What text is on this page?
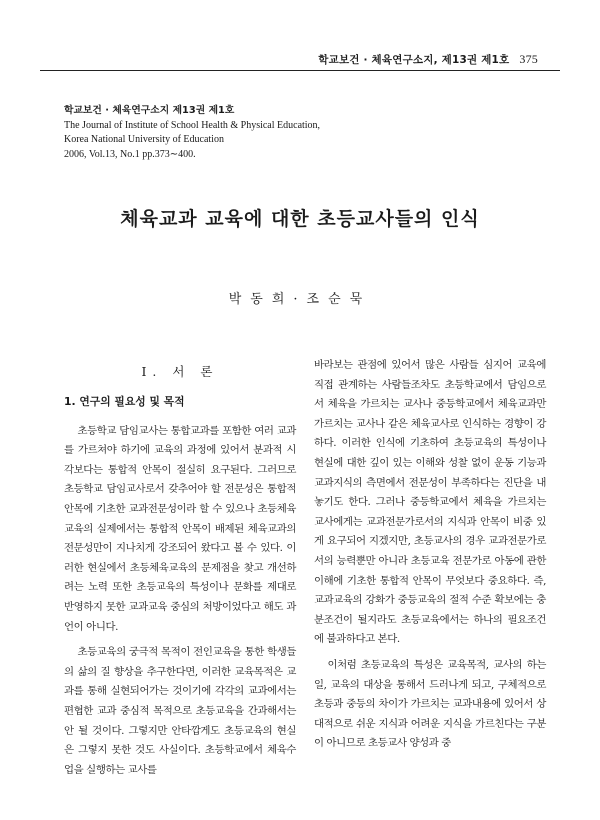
학교보건 · 체육연구소지, 제13권 제1호 375
학교보건 · 체육연구소지 제13권 제1호
The Journal of Institute of School Health & Physical Education,
Korea National University of Education
2006, Vol.13, No.1 pp.373∼400.
체육교과 교육에 대한 초등교사들의 인식
박동희·조순묵
Ⅰ. 서 론
1. 연구의 필요성 및 목적

초등학교 담임교사는 통합교과를 포함한 여러 교과를 가르쳐야 하기에 교육의 과정에 있어서 분과적 시각보다는 통합적 안목이 절실히 요구된다. 그러므로 초등학교 담임교사로서 갖추어야 할 전문성은 통합적 안목에 기초한 교과전문성이라 할 수 있으나 초등체육교육의 실제에서는 통합적 안목이 배제된 체육교과의 전문성만이 지나치게 강조되어 왔다고 볼 수 있다. 이러한 현실에서 초등체육교육의 문제점을 찾고 개선하려는 노력 또한 초등교육의 특성이나 문화를 제대로 반영하지 못한 교과교육 중심의 처방이었다고 해도 과언이 아니다.

초등교육의 궁극적 목적이 전인교육을 통한 학생들의 삶의 질 향상을 추구한다면, 이러한 교육목적은 교과를 통해 실현되어가는 것이기에 각각의 교과에서는 편협한 교과 중심적 목적으로 초등교육을 간과해서는 안 될 것이다. 그렇지만 안타깝게도 초등교육의 현실은 그렇지 못한 것도 사실이다. 초등학교에서 체육수업을 실행하는 교사를

바라보는 관점에 있어서 많은 사람들 심지어 교육에 직접 관계하는 사람들조차도 초등학교에서 담임으로서 체육을 가르치는 교사나 중등학교에서 체육교과만 가르치는 교사나 같은 체육교사로 인식하는 경향이 강하다. 이러한 인식에 기초하여 초등교육의 특성이나 현실에 대한 깊이 있는 이해와 성찰 없이 운동 기능과 교과지식의 측면에서 전문성이 부족하다는 진단을 내놓기도 한다. 그러나 중등학교에서 체육을 가르치는 교사에게는 교과전문가로서의 지식과 안목이 비중 있게 요구되어 지겠지만, 초등교사의 경우 교과전문가로서의 능력뿐만 아니라 초등교육 전문가로 아동에 관한 이해에 기초한 통합적 안목이 무엇보다 중요하다. 즉, 교과교육의 강화가 중등교육의 절적 수준 확보에는 충분조건이 될지라도 초등교육에서는 하나의 필요조건에 불과하다고 본다.

이처럼 초등교육의 특성은 교육목적, 교사의 하는 일, 교육의 대상을 통해서 드러나게 되고, 구체적으로 초등과 중등의 차이가 가르치는 교과내용에 있어서 상대적으로 쉬운 지식과 어려운 지식을 가르친다는 구분이 아니므로 초등교사 양성과 중
